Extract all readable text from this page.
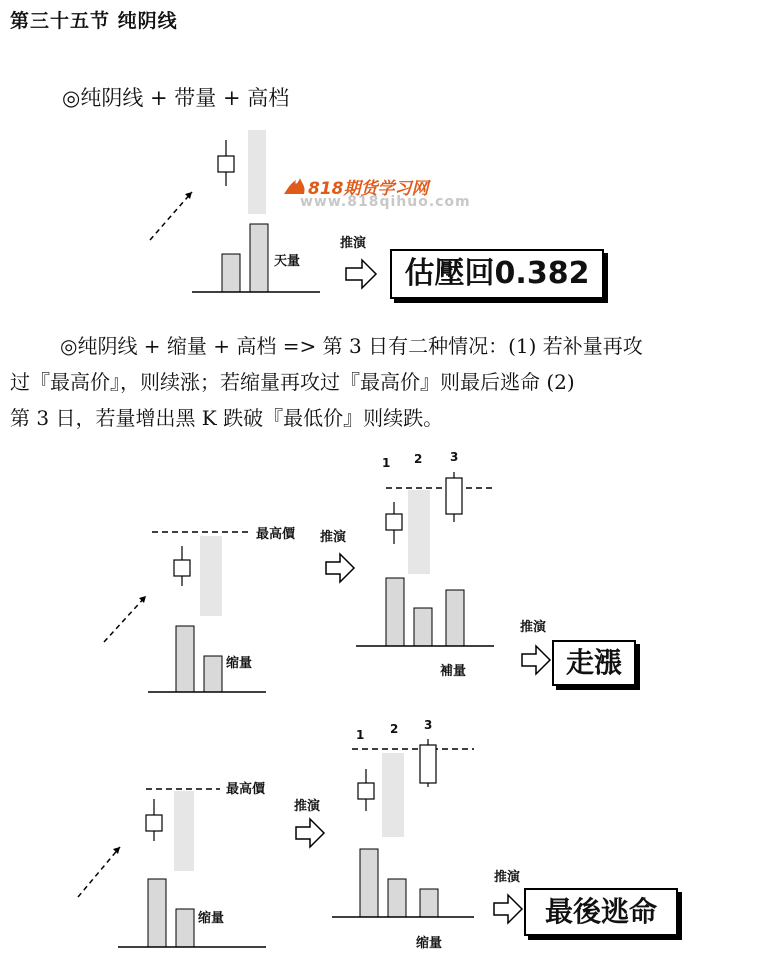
第三十五节 纯阴线
◎纯阴线 + 带量 + 高档
818期货学习网
www.818qihuo.com
天量
推演
估壓回0.382
◎纯阴线 + 缩量 + 高档 => 第 3 日有二种情况：(1) 若补量再攻
过『最高价』，则续涨；若缩量再攻过『最高价』则最后逃命 (2)
第 3 日，若量增出黑 K 跌破『最低价』则续跌。
最高價
缩量
推演
1 2 3
補量
推演
走漲
最高價
缩量
推演
1 2 3
缩量
推演
最後逃命
